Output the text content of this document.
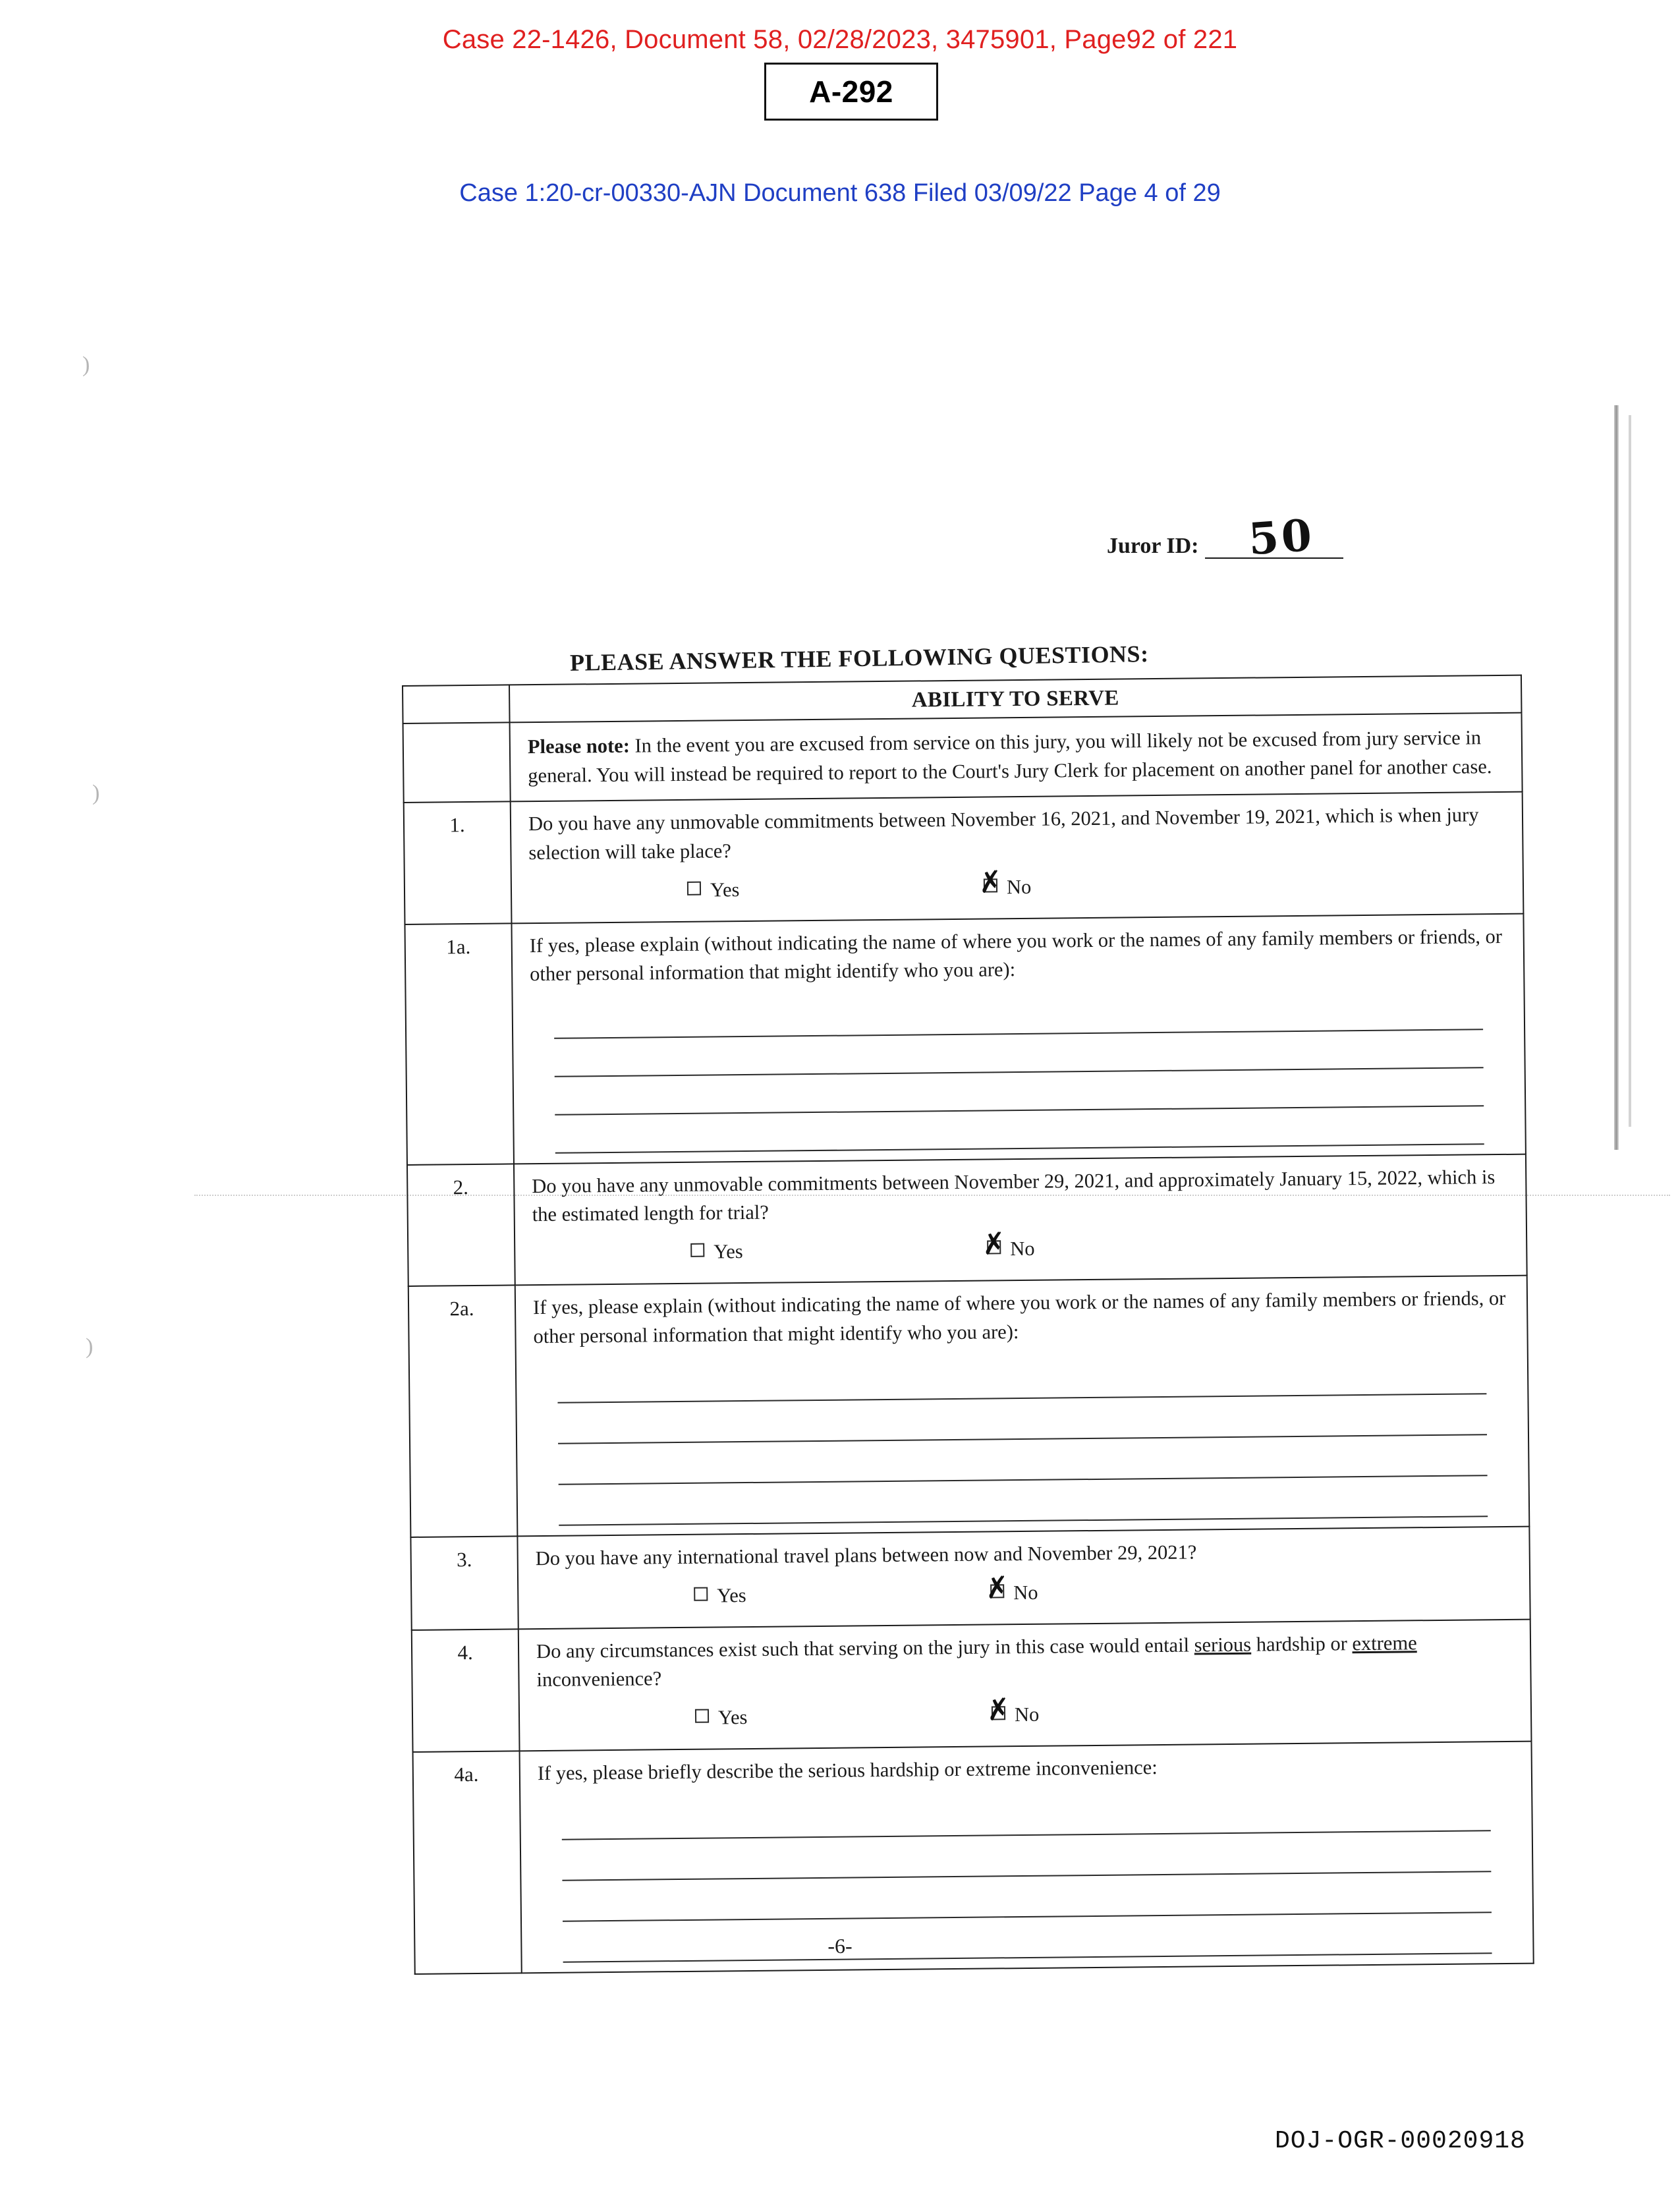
Case 22-1426, Document 58, 02/28/2023, 3475901, Page92 of 221
A-292
Case 1:20-cr-00330-AJN Document 638 Filed 03/09/22 Page 4 of 29
)
)
)
Juror ID: 50
PLEASE ANSWER THE FOLLOWING QUESTIONS:
	ABILITY TO SERVE
	Please note: In the event you are excused from service on this jury, you will likely not be excused from jury service in general. You will instead be required to report to the Court's Jury Clerk for placement on another panel for another case.
1.	Do you have any unmovable commitments between November 16, 2021, and November 19, 2021, which is when jury selection will take place?
Yes ✗ No

1a.	If yes, please explain (without indicating the name of where you work or the names of any family members or friends, or other personal information that might identify who you are):

2.	Do you have any unmovable commitments between November 29, 2021, and approximately January 15, 2022, which is the estimated length for trial?
Yes ✗ No

2a.	If yes, please explain (without indicating the name of where you work or the names of any family members or friends, or other personal information that might identify who you are):

3.	Do you have any international travel plans between now and November 29, 2021?
Yes ✗ No

4.	Do any circumstances exist such that serving on the jury in this case would entail serious hardship or extreme inconvenience?
Yes ✗ No

4a.	If yes, please briefly describe the serious hardship or extreme inconvenience:
-6-
DOJ-OGR-00020918
